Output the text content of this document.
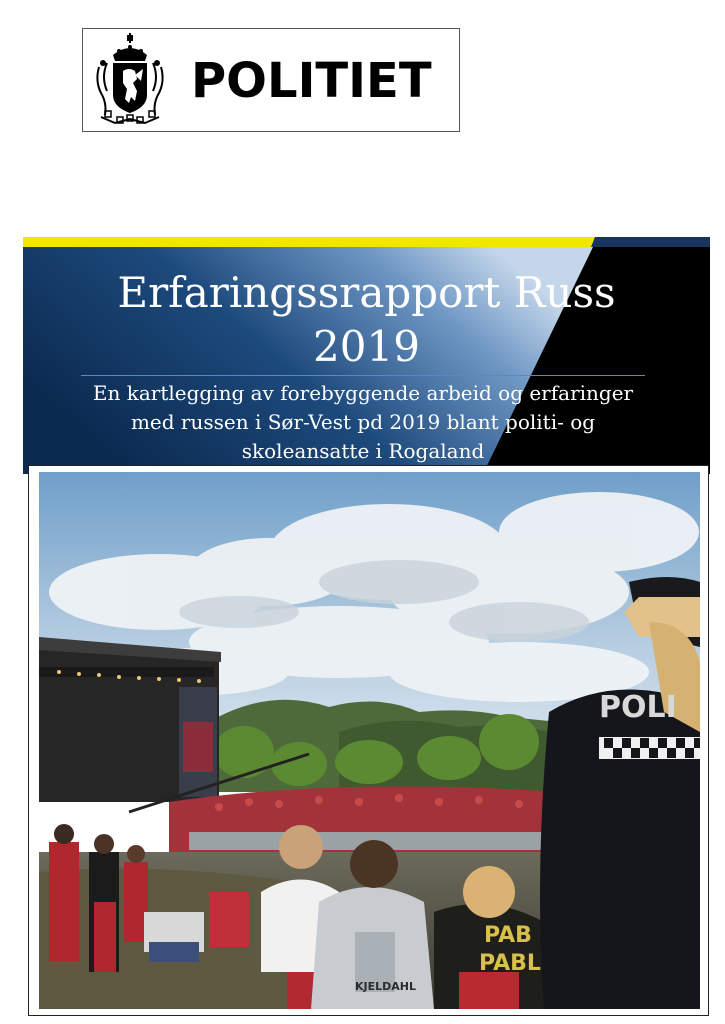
POLITIET
Erfaringssrapport Russ
2019
En kartlegging av forebyggende arbeid og erfaringer
med russen i Sør-Vest pd 2019 blant politi- og
skoleansatte i Rogaland
PAB
PABL
KJELDAHL
POLI
